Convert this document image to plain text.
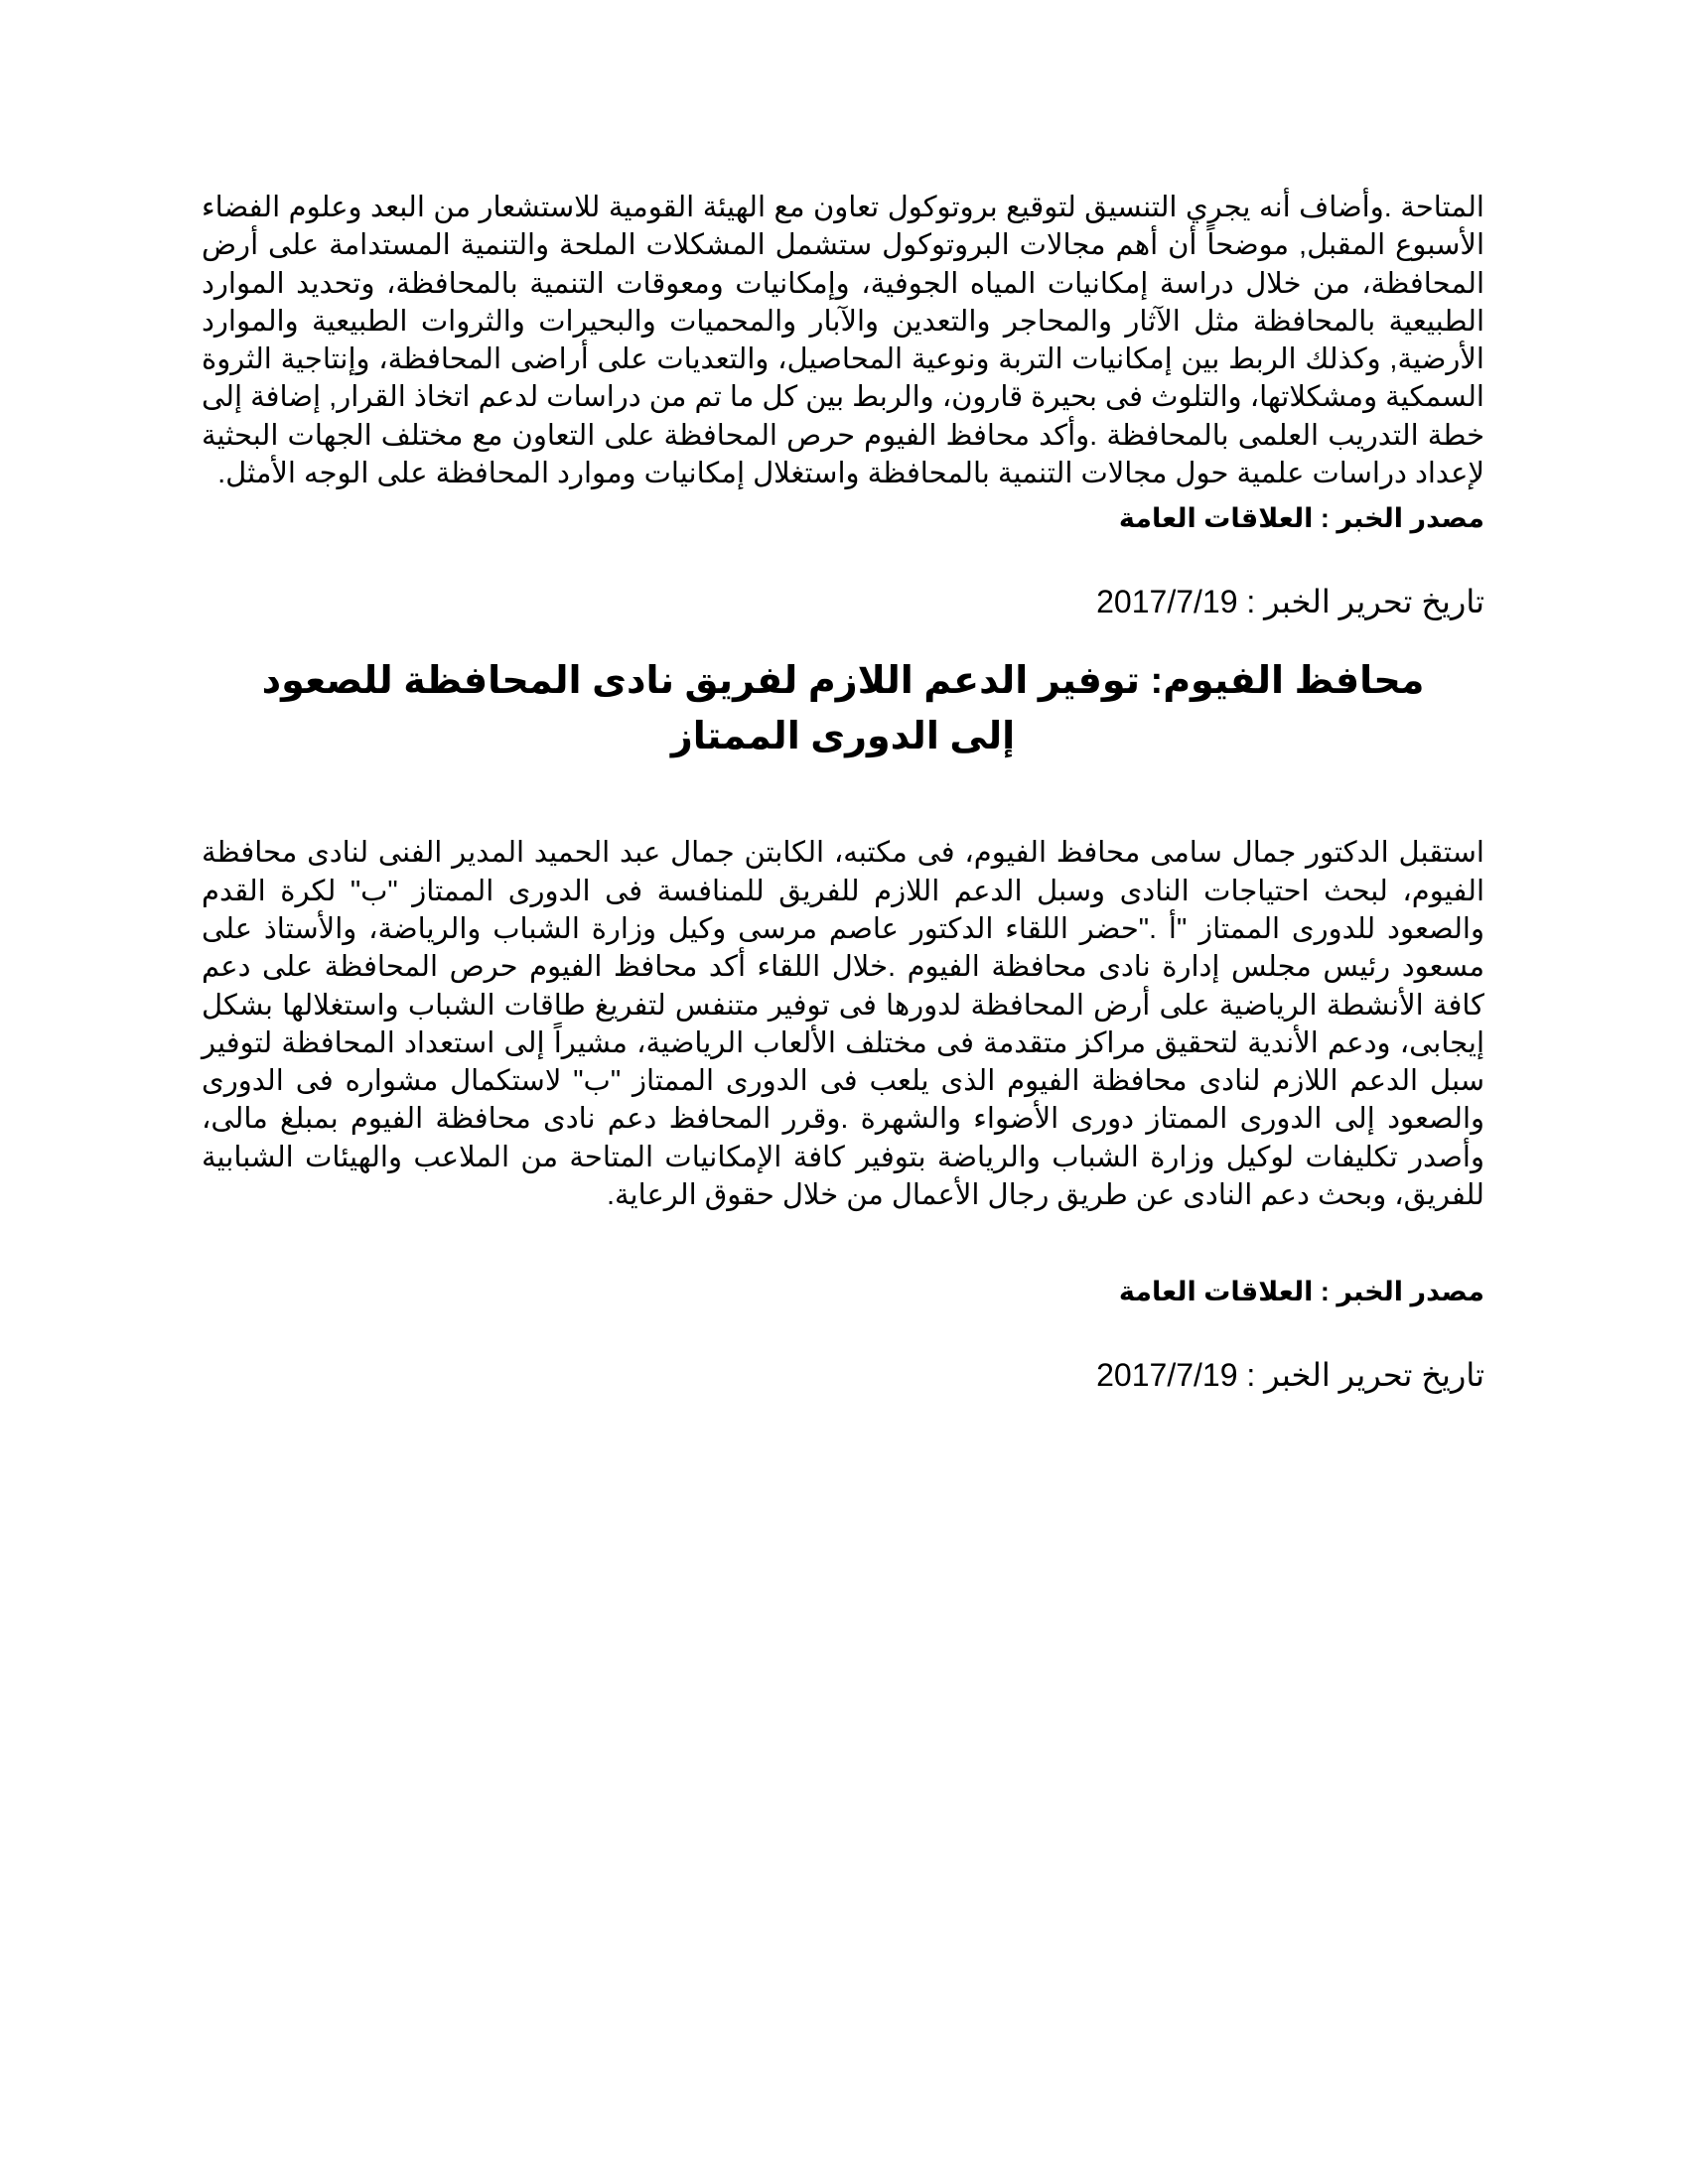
المتاحة .وأضاف أنه يجري التنسيق لتوقيع بروتوكول تعاون مع الهيئة القومية للاستشعار من البعد وعلوم الفضاء الأسبوع المقبل, موضحاً أن أهم مجالات البروتوكول ستشمل المشكلات الملحة والتنمية المستدامة على أرض المحافظة، من خلال دراسة إمكانيات المياه الجوفية، وإمكانيات ومعوقات التنمية بالمحافظة، وتحديد الموارد الطبيعية بالمحافظة مثل الآثار والمحاجر والتعدين والآبار والمحميات والبحيرات والثروات الطبيعية والموارد الأرضية, وكذلك الربط بين إمكانيات التربة ونوعية المحاصيل، والتعديات على أراضى المحافظة، وإنتاجية الثروة السمكية ومشكلاتها، والتلوث فى بحيرة قارون، والربط بين كل ما تم من دراسات لدعم اتخاذ القرار, إضافة إلى خطة التدريب العلمى بالمحافظة .وأكد محافظ الفيوم حرص المحافظة على التعاون مع مختلف الجهات البحثية لإعداد دراسات علمية حول مجالات التنمية بالمحافظة واستغلال إمكانيات وموارد المحافظة على الوجه الأمثل.

مصدر الخبر : العلاقات العامة

تاريخ تحرير الخبر : 2017/7/19

محافظ الفيوم: توفير الدعم اللازم لفريق نادى المحافظة للصعود إلى الدورى الممتاز

استقبل الدكتور جمال سامى محافظ الفيوم، فى مكتبه، الكابتن جمال عبد الحميد المدير الفنى لنادى محافظة الفيوم، لبحث احتياجات النادى وسبل الدعم اللازم للفريق للمنافسة فى الدورى الممتاز "ب" لكرة القدم والصعود للدورى الممتاز "أ ."حضر اللقاء الدكتور عاصم مرسى وكيل وزارة الشباب والرياضة، والأستاذ على مسعود رئيس مجلس إدارة نادى محافظة الفيوم .خلال اللقاء أكد محافظ الفيوم حرص المحافظة على دعم كافة الأنشطة الرياضية على أرض المحافظة لدورها فى توفير متنفس لتفريغ طاقات الشباب واستغلالها بشكل إيجابى، ودعم الأندية لتحقيق مراكز متقدمة فى مختلف الألعاب الرياضية، مشيراً إلى استعداد المحافظة لتوفير سبل الدعم اللازم لنادى محافظة الفيوم الذى يلعب فى الدورى الممتاز "ب" لاستكمال مشواره فى الدورى والصعود إلى الدورى الممتاز دورى الأضواء والشهرة .وقرر المحافظ دعم نادى محافظة الفيوم بمبلغ مالى، وأصدر تكليفات لوكيل وزارة الشباب والرياضة بتوفير كافة الإمكانيات المتاحة من الملاعب والهيئات الشبابية للفريق، وبحث دعم النادى عن طريق رجال الأعمال من خلال حقوق الرعاية.

مصدر الخبر : العلاقات العامة

تاريخ تحرير الخبر : 2017/7/19
